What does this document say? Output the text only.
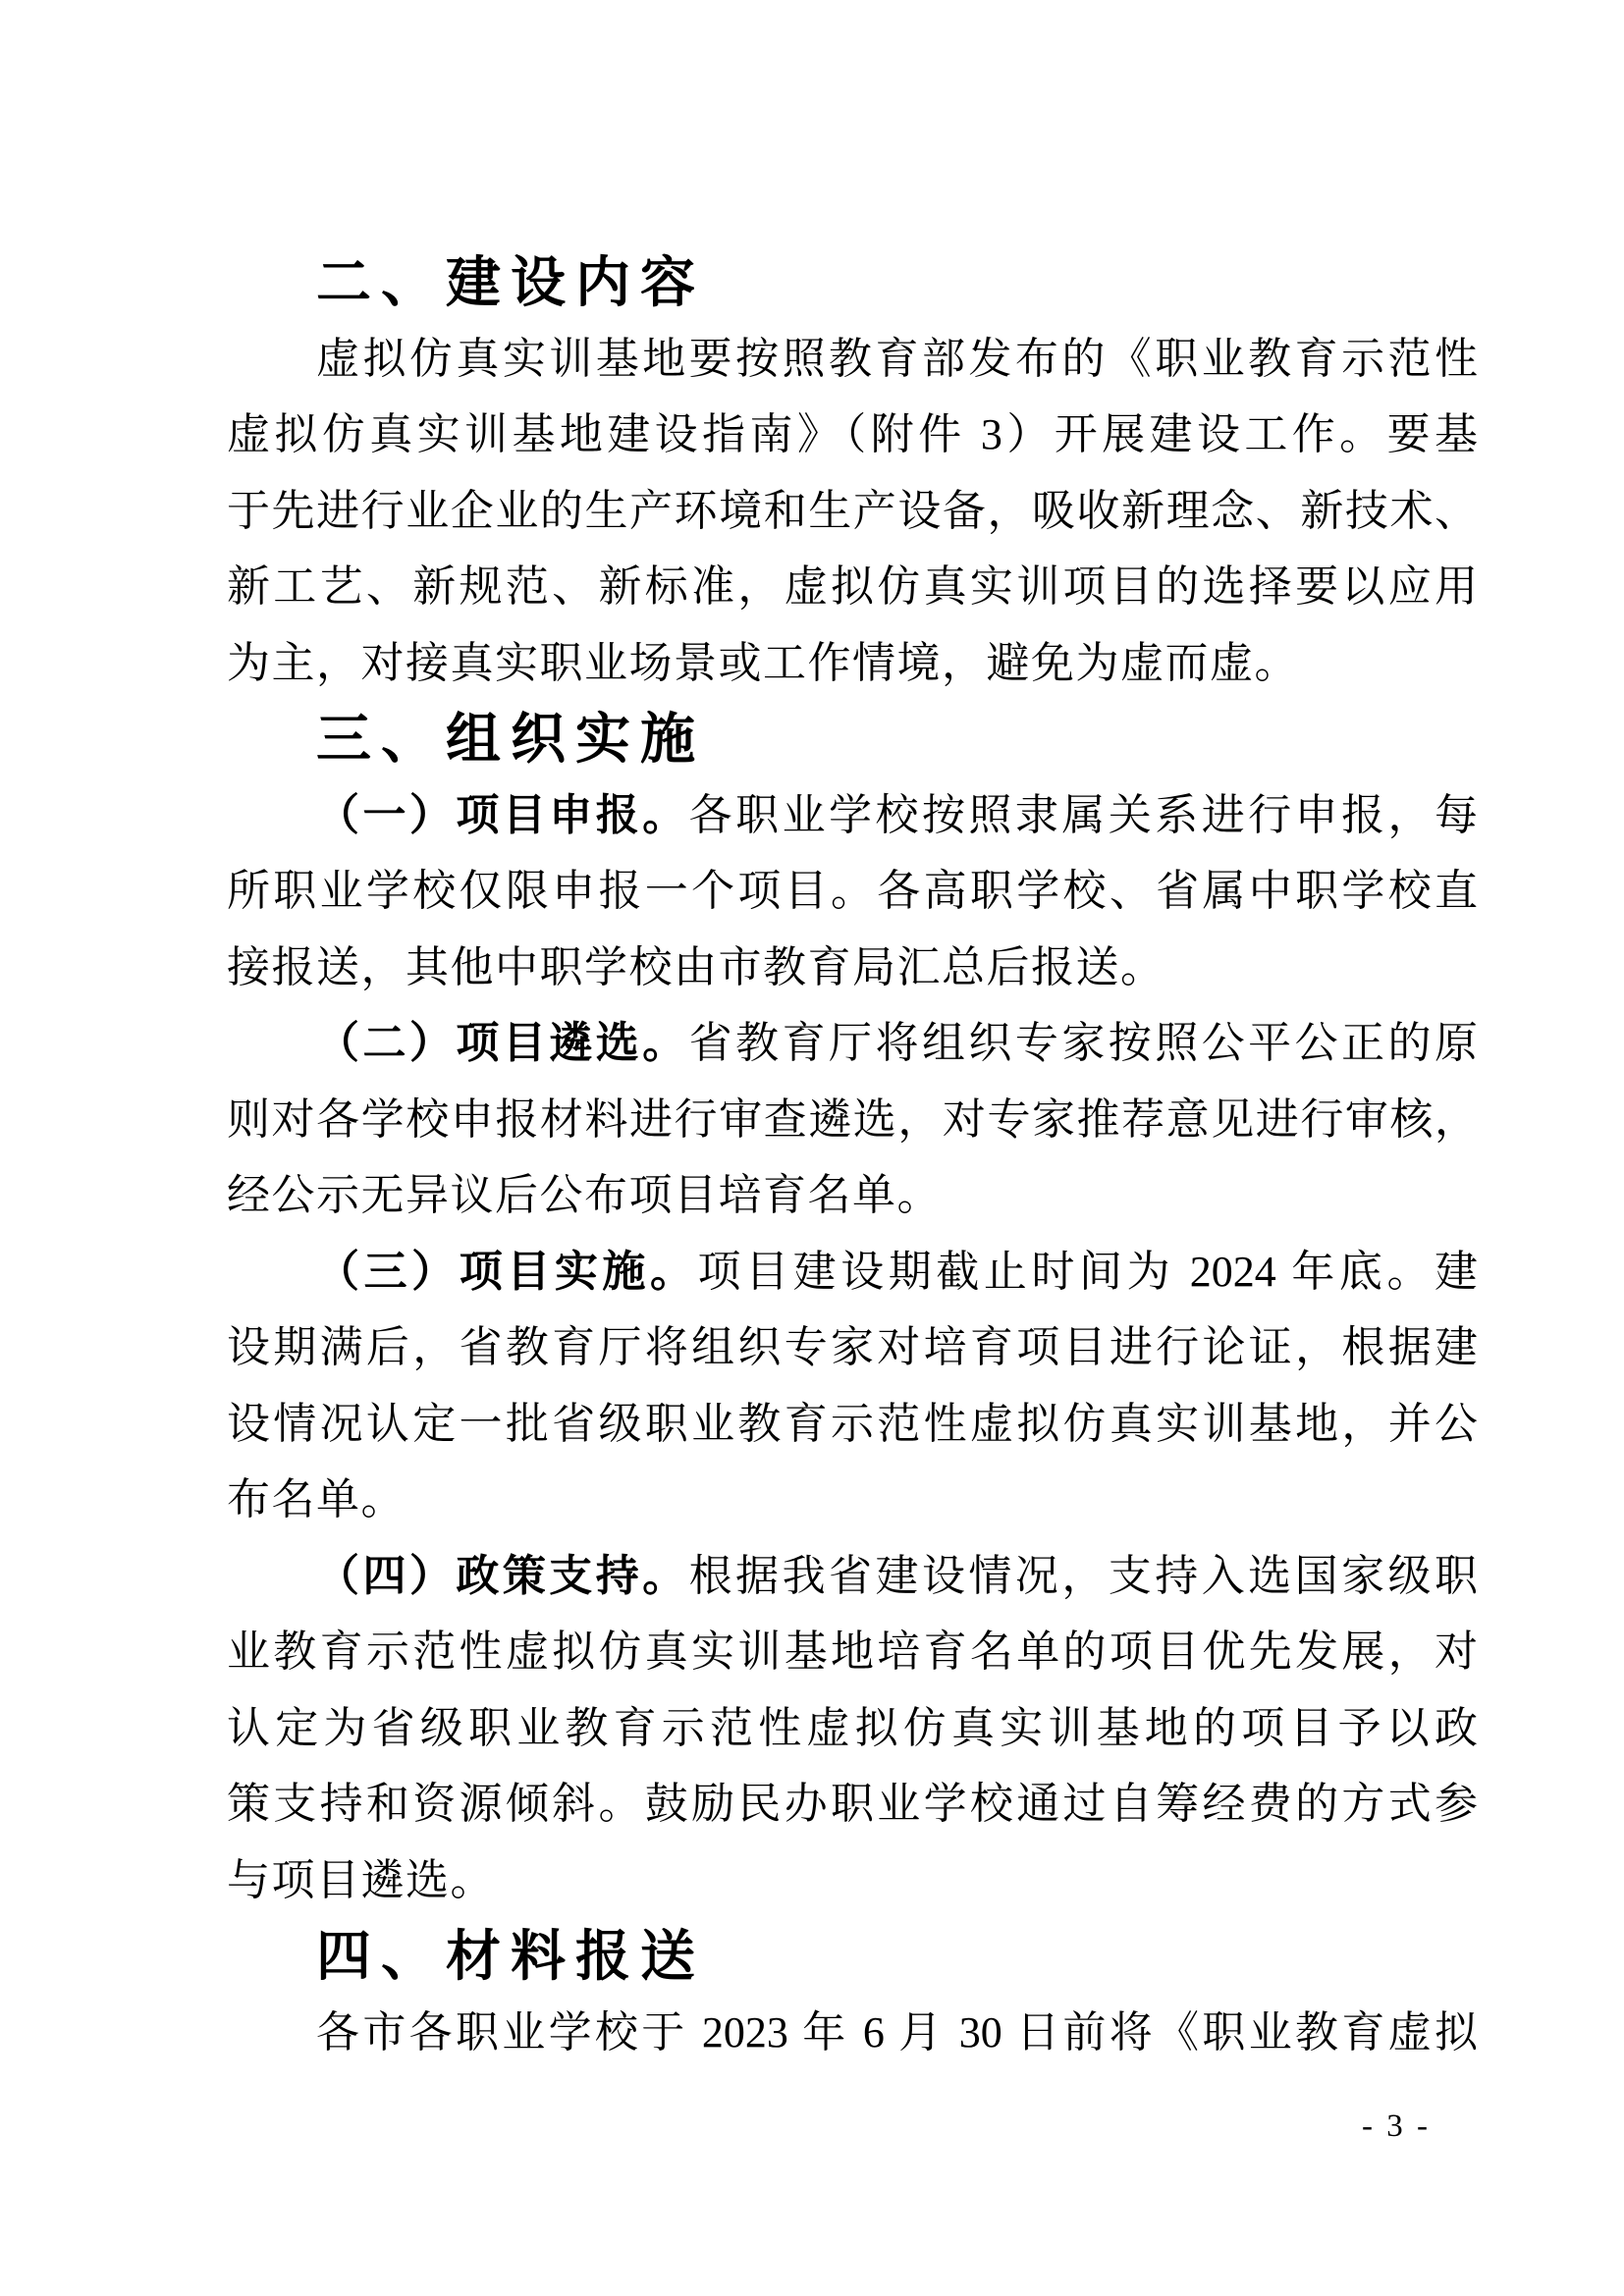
二、建设内容
虚拟仿真实训基地要按照教育部发布的《职业教育示范性
虚拟仿真实训基地建设指南》（附件 3）开展建设工作。要基
于先进行业企业的生产环境和生产设备，吸收新理念、新技术、
新工艺、新规范、新标准，虚拟仿真实训项目的选择要以应用
为主，对接真实职业场景或工作情境，避免为虚而虚。
三、组织实施
（一）项目申报。各职业学校按照隶属关系进行申报，每
所职业学校仅限申报一个项目。各高职学校、省属中职学校直
接报送，其他中职学校由市教育局汇总后报送。
（二）项目遴选。省教育厅将组织专家按照公平公正的原
则对各学校申报材料进行审查遴选，对专家推荐意见进行审核，
经公示无异议后公布项目培育名单。
（三）项目实施。项目建设期截止时间为 2024 年底。建
设期满后，省教育厅将组织专家对培育项目进行论证，根据建
设情况认定一批省级职业教育示范性虚拟仿真实训基地，并公
布名单。
（四）政策支持。根据我省建设情况，支持入选国家级职
业教育示范性虚拟仿真实训基地培育名单的项目优先发展，对
认定为省级职业教育示范性虚拟仿真实训基地的项目予以政
策支持和资源倾斜。鼓励民办职业学校通过自筹经费的方式参
与项目遴选。
四、材料报送
各市各职业学校于 2023 年 6 月 30 日前将《职业教育虚拟
- 3 -
